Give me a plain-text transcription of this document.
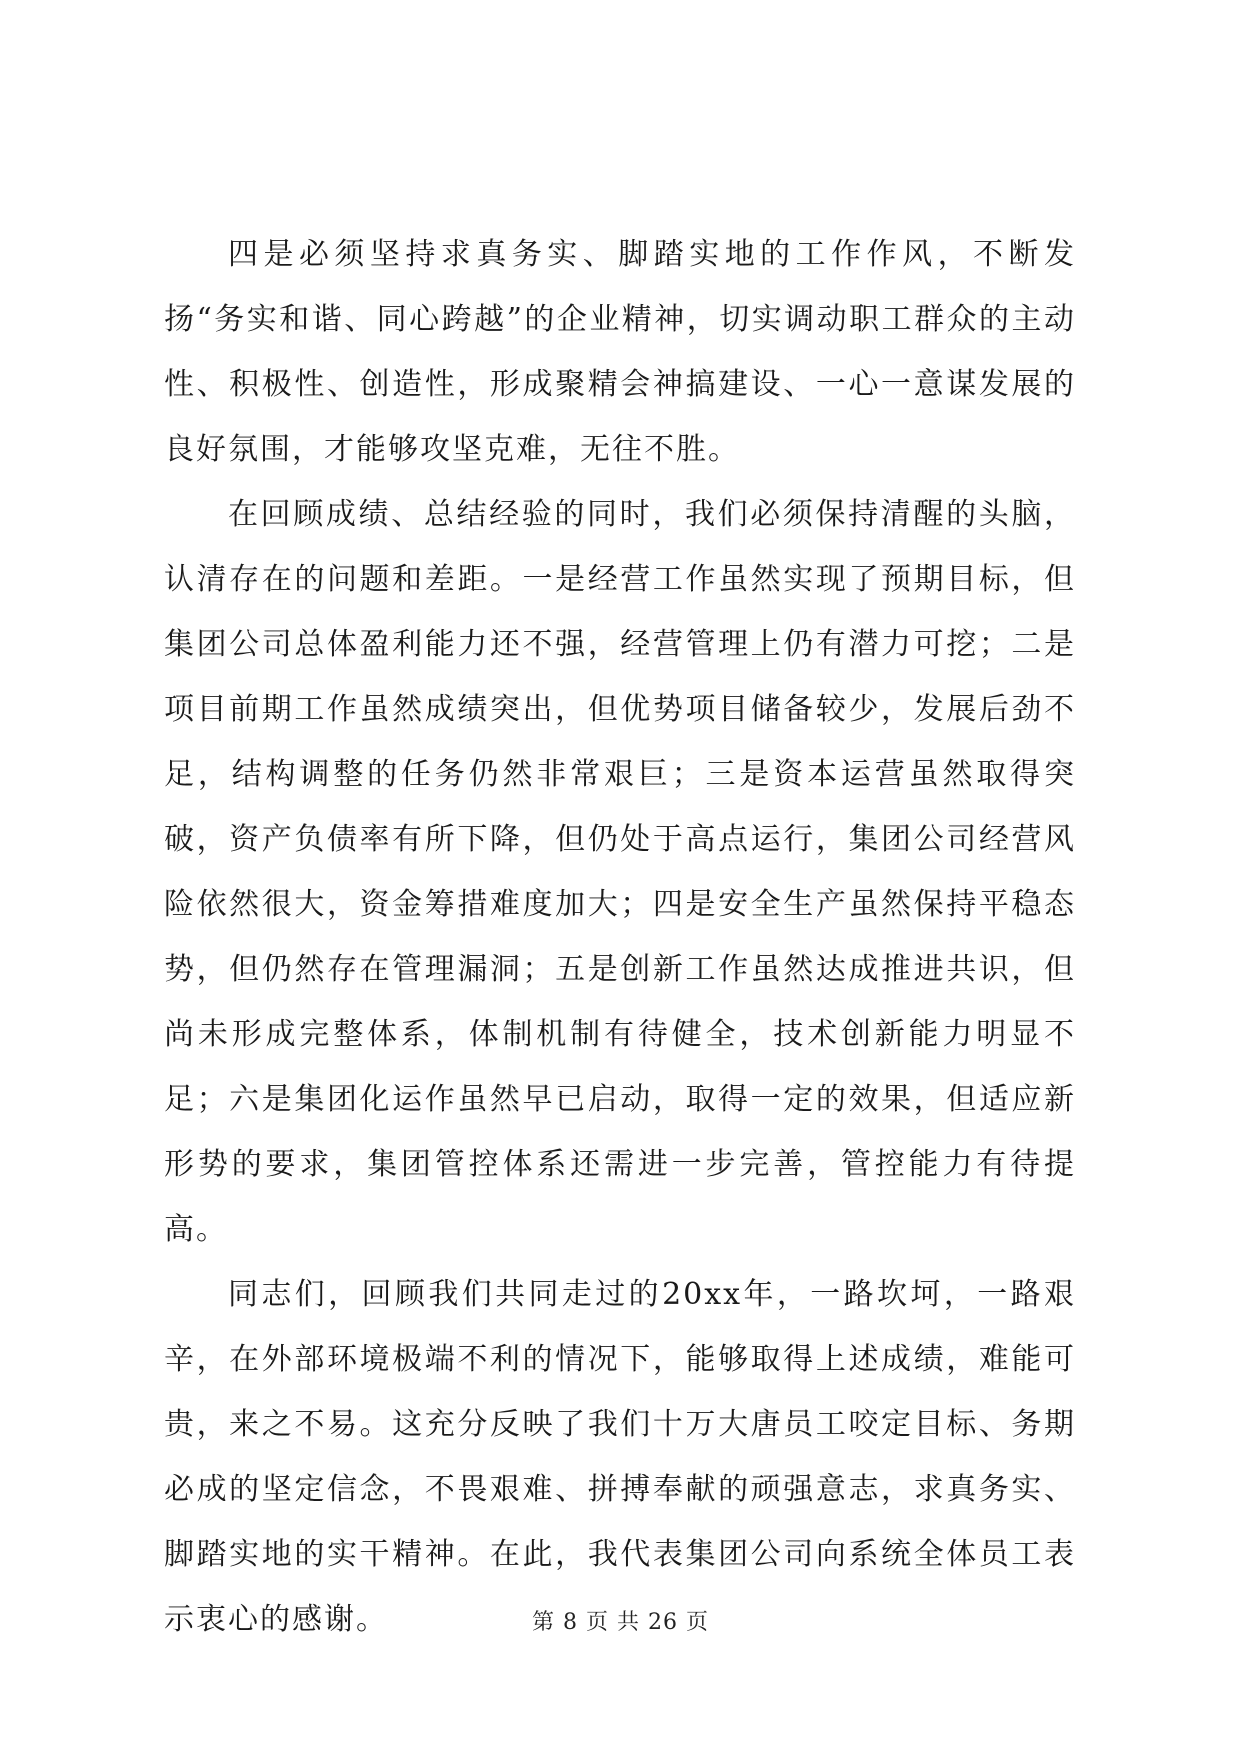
四是必须坚持求真务实、脚踏实地的工作作风，不断发扬“务实和谐、同心跨越”的企业精神，切实调动职工群众的主动性、积极性、创造性，形成聚精会神搞建设、一心一意谋发展的良好氛围，才能够攻坚克难，无往不胜。

在回顾成绩、总结经验的同时，我们必须保持清醒的头脑，认清存在的问题和差距。一是经营工作虽然实现了预期目标，但集团公司总体盈利能力还不强，经营管理上仍有潜力可挖；二是项目前期工作虽然成绩突出，但优势项目储备较少，发展后劲不足，结构调整的任务仍然非常艰巨；三是资本运营虽然取得突破，资产负债率有所下降，但仍处于高点运行，集团公司经营风险依然很大，资金筹措难度加大；四是安全生产虽然保持平稳态势，但仍然存在管理漏洞；五是创新工作虽然达成推进共识，但尚未形成完整体系，体制机制有待健全，技术创新能力明显不足；六是集团化运作虽然早已启动，取得一定的效果，但适应新形势的要求，集团管控体系还需进一步完善，管控能力有待提高。

同志们，回顾我们共同走过的20xx年，一路坎坷，一路艰辛，在外部环境极端不利的情况下，能够取得上述成绩，难能可贵，来之不易。这充分反映了我们十万大唐员工咬定目标、务期必成的坚定信念，不畏艰难、拼搏奉献的顽强意志，求真务实、脚踏实地的实干精神。在此，我代表集团公司向系统全体员工表示衷心的感谢。	第 8 页 共 26 页
